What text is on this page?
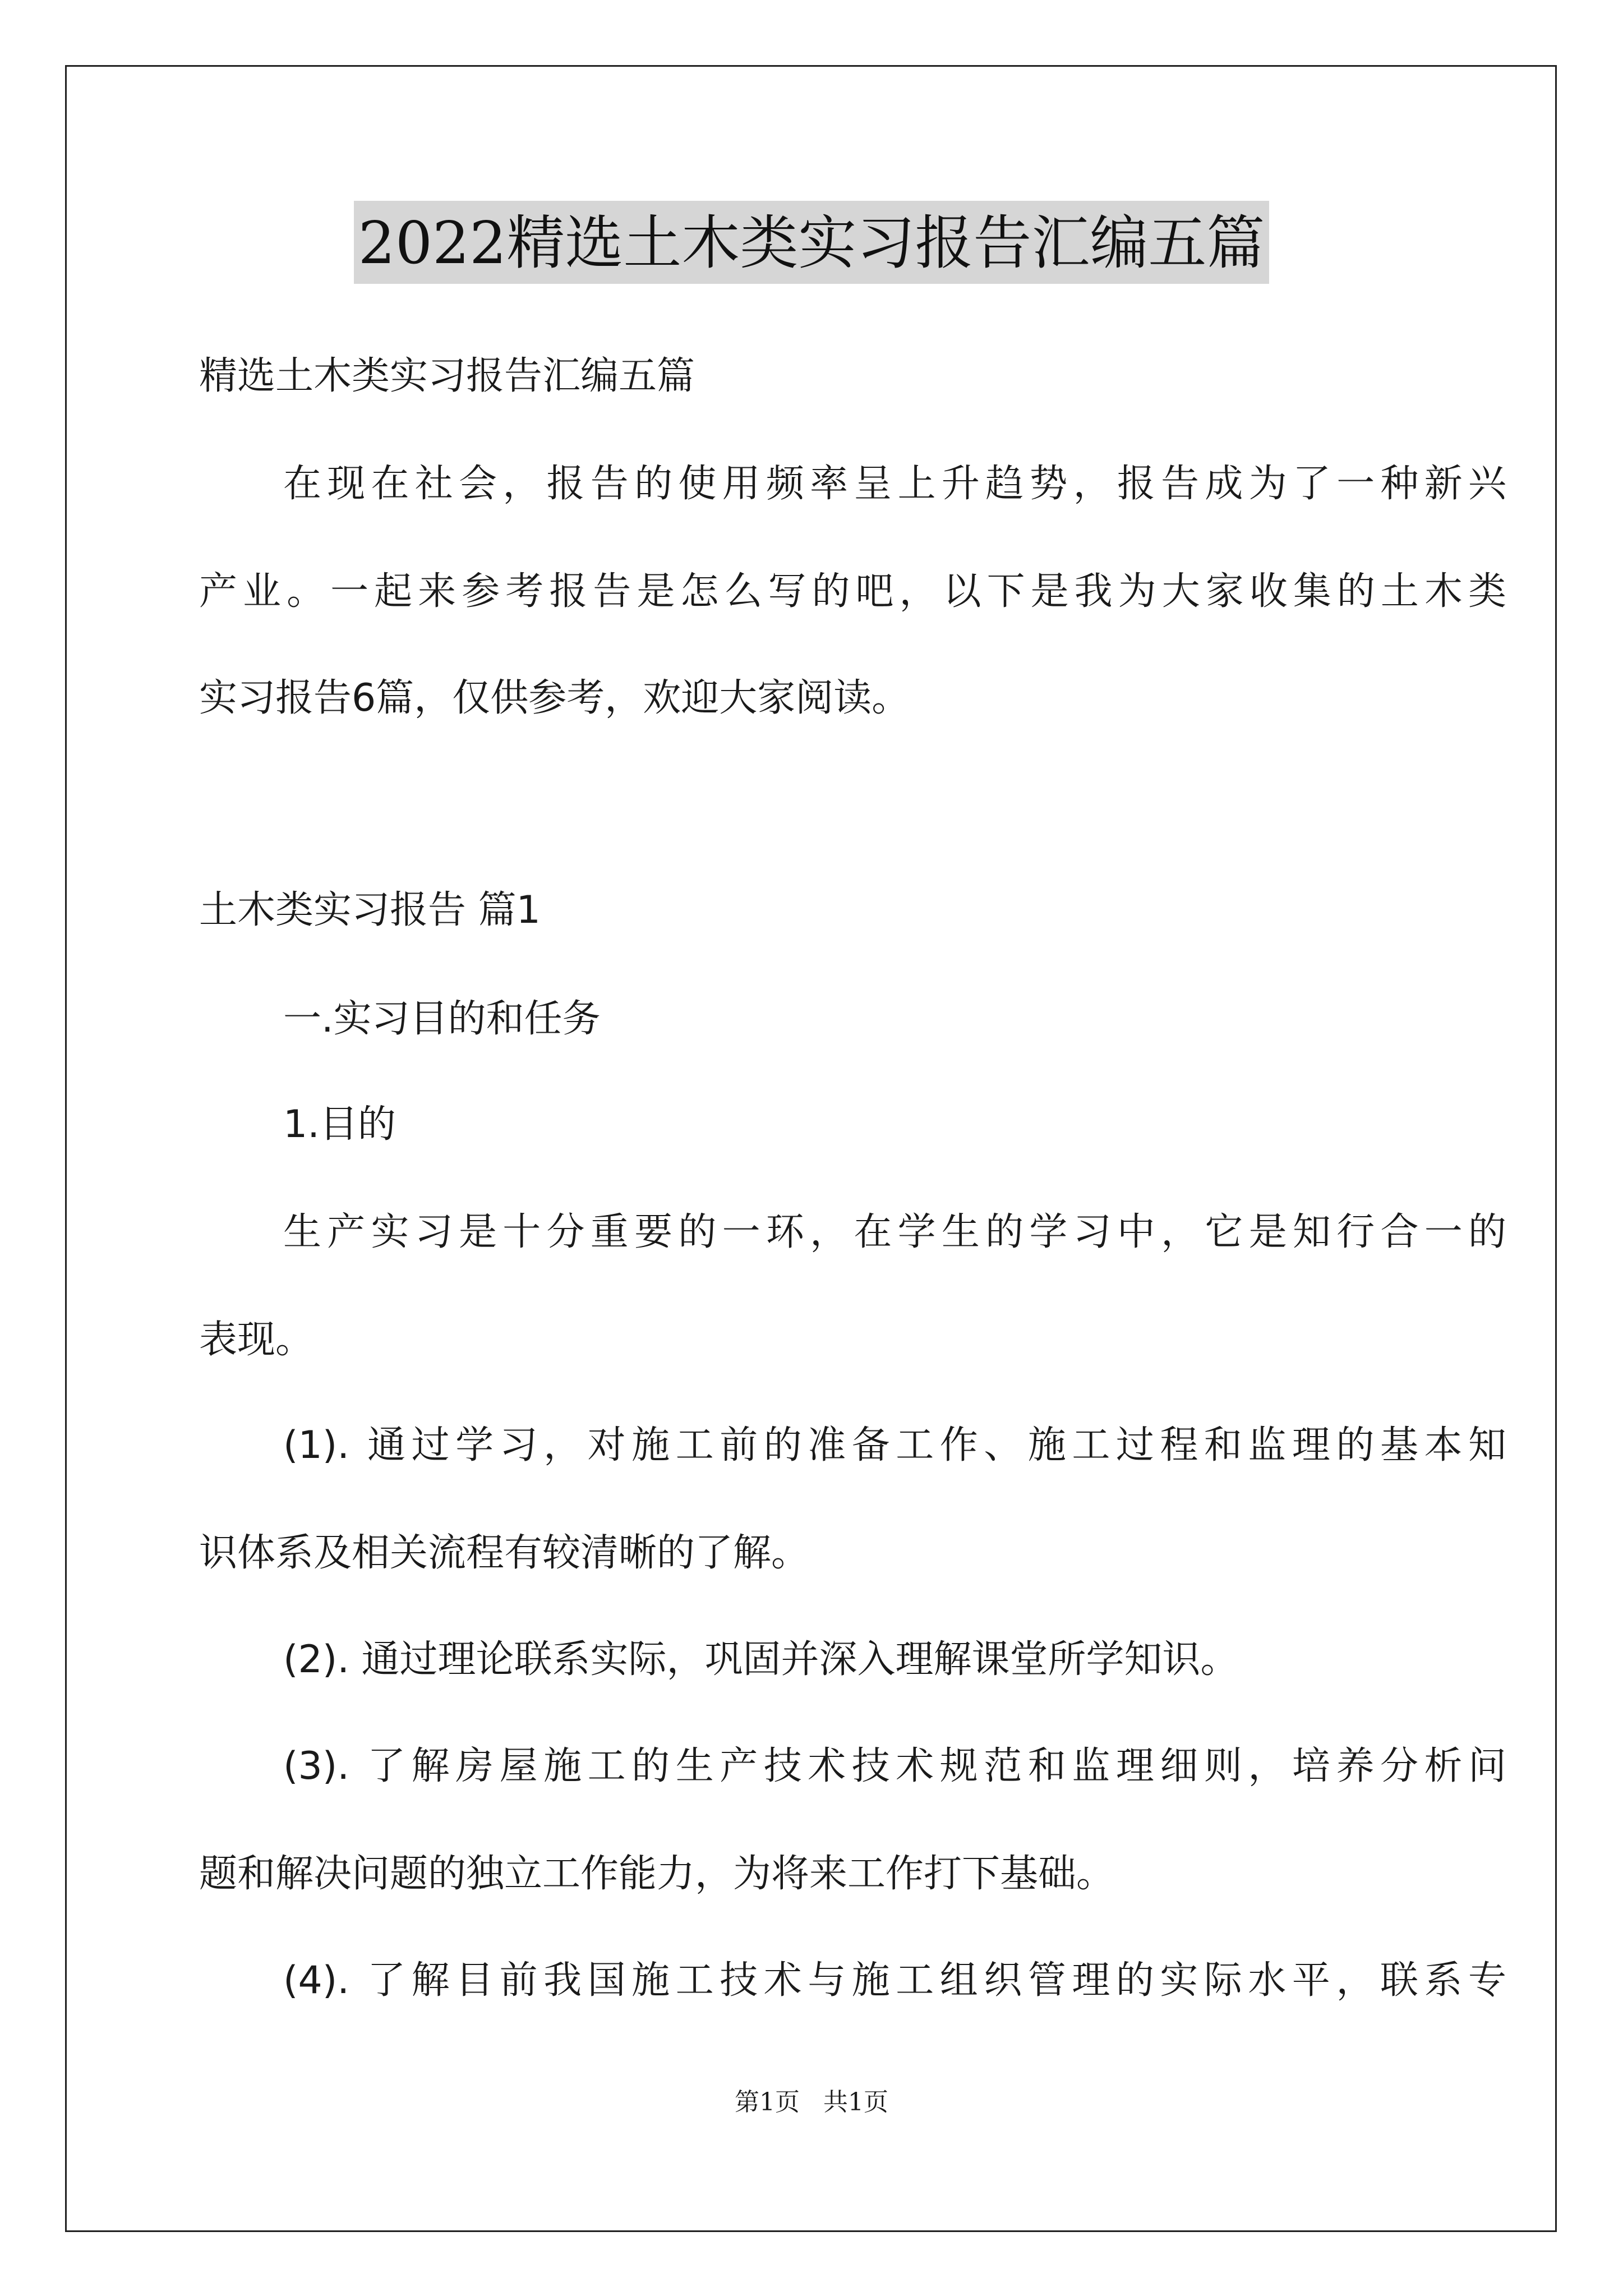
2022精选土木类实习报告汇编五篇
精选土木类实习报告汇编五篇
在现在社会，报告的使用频率呈上升趋势，报告成为了一种新兴
产业。一起来参考报告是怎么写的吧，以下是我为大家收集的土木类
实习报告6篇，仅供参考，欢迎大家阅读。
土木类实习报告 篇1
一.实习目的和任务
1.目的
生产实习是十分重要的一环，在学生的学习中，它是知行合一的
表现。
(1). 通过学习，对施工前的准备工作、施工过程和监理的基本知
识体系及相关流程有较清晰的了解。
(2). 通过理论联系实际，巩固并深入理解课堂所学知识。
(3). 了解房屋施工的生产技术技术规范和监理细则，培养分析问
题和解决问题的独立工作能力，为将来工作打下基础。
(4). 了解目前我国施工技术与施工组织管理的实际水平，联系专
第1页   共1页
